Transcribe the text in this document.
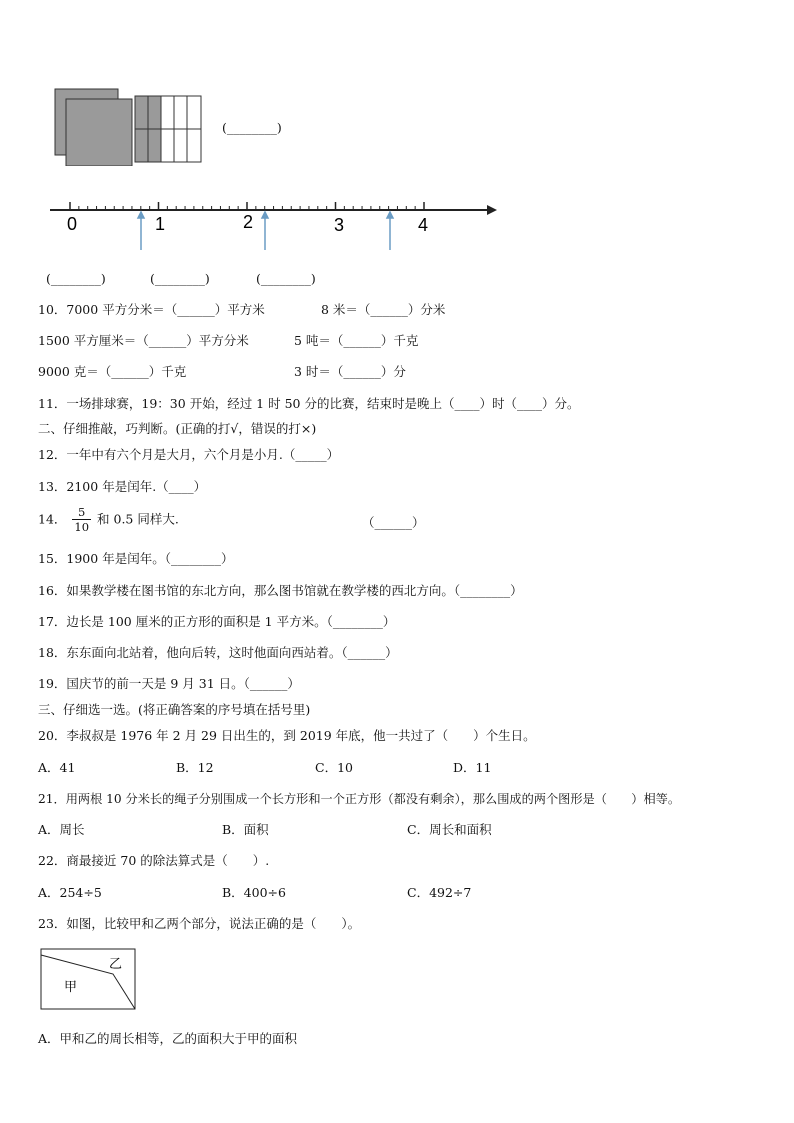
(________)
0	1	2	3	4
(________)	(________)	(________)
10．7000 平方分米＝（______）平方米	8 米＝（______）分米
1500 平方厘米＝（______）平方分米	5 吨＝（______）千克
9000 克＝（______）千克	3 时＝（______）分
11．一场排球赛，19：30 开始，经过 1 时 50 分的比赛，结束时是晚上（____）时（____）分。
二、仔细推敲，巧判断。(正确的打√，错误的打×)
12．一年中有六个月是大月，六个月是小月.（_____）
13．2100 年是闰年.（____）
14． $\frac{5}{10}$ 和 0.5 同样大.	（______）
15．1900 年是闰年。（________）
16．如果教学楼在图书馆的东北方向，那么图书馆就在教学楼的西北方向。（________）
17．边长是 100 厘米的正方形的面积是 1 平方米。（________）
18．东东面向北站着，他向后转，这时他面向西站着。（______）
19．国庆节的前一天是 9 月 31 日。（______）
三、仔细选一选。(将正确答案的序号填在括号里)
20．李叔叔是 1976 年 2 月 29 日出生的，到 2019 年底，他一共过了（　　）个生日。
A．41	B．12	C．10	D．11
21．用两根 10 分米长的绳子分别围成一个长方形和一个正方形（都没有剩余），那么围成的两个图形是（　　）相等。
A．周长	B．面积	C．周长和面积
22．商最接近 70 的除法算式是（　　）.
A．254÷5	B．400÷6	C．492÷7
23．如图，比较甲和乙两个部分，说法正确的是（　　）。
甲
乙
A．甲和乙的周长相等，乙的面积大于甲的面积
